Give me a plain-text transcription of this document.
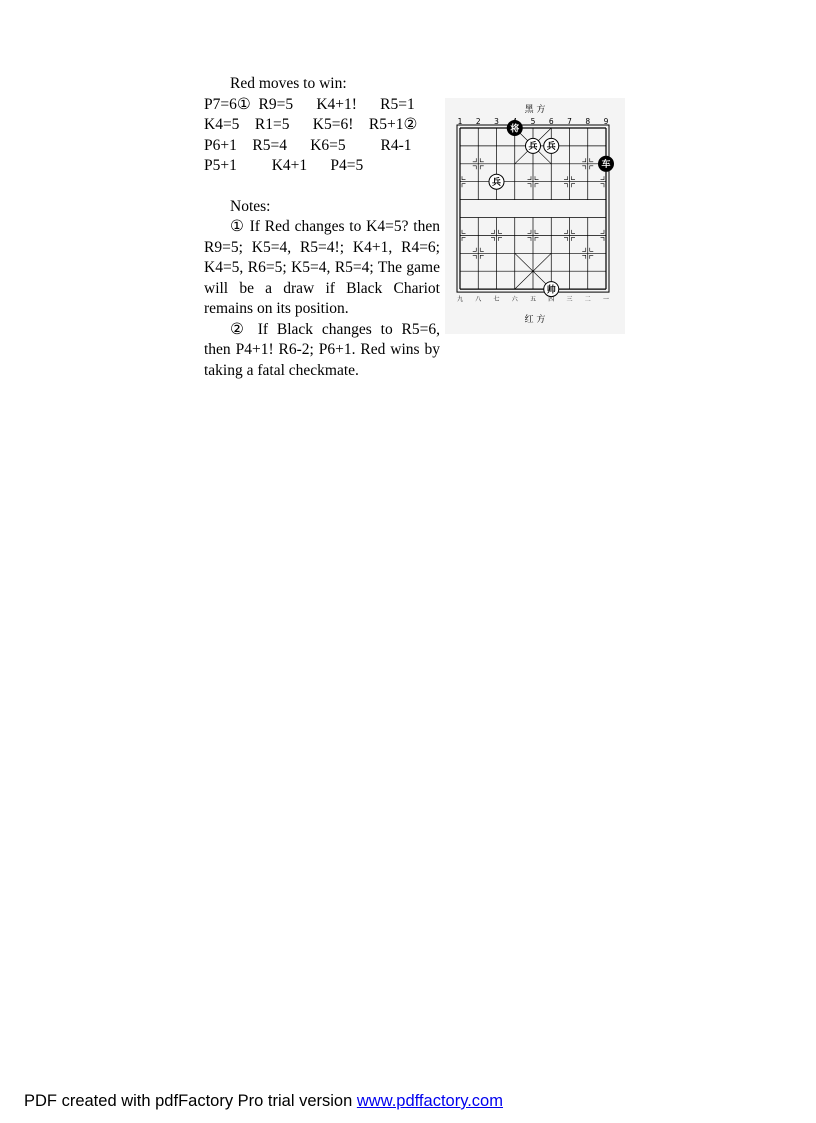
Red moves to win:

P7=6①  R9=5      K4+1!      R5=1

K4=5    R1=5      K5=6!    R5+1②

P6+1    R5=4      K6=5         R4-1

P5+1         K4+1      P4=5

Notes:

① If Red changes to K4=5? then R9=5; K5=4, R5=4!; K4+1, R4=6; K4=5, R6=5; K5=4, R5=4; The game will be a draw if Black Chariot remains on its position.

② If Black changes to R5=6, then P4+1! R6-2; P6+1. Red wins by taking a fatal checkmate.

黑 方
红 方
1 2 3	5 6 7 8 9
九 八 七 六 五 四 三 二 一
将
车
兵 兵
兵
帅
PDF created with pdfFactory Pro trial version www.pdffactory.com
